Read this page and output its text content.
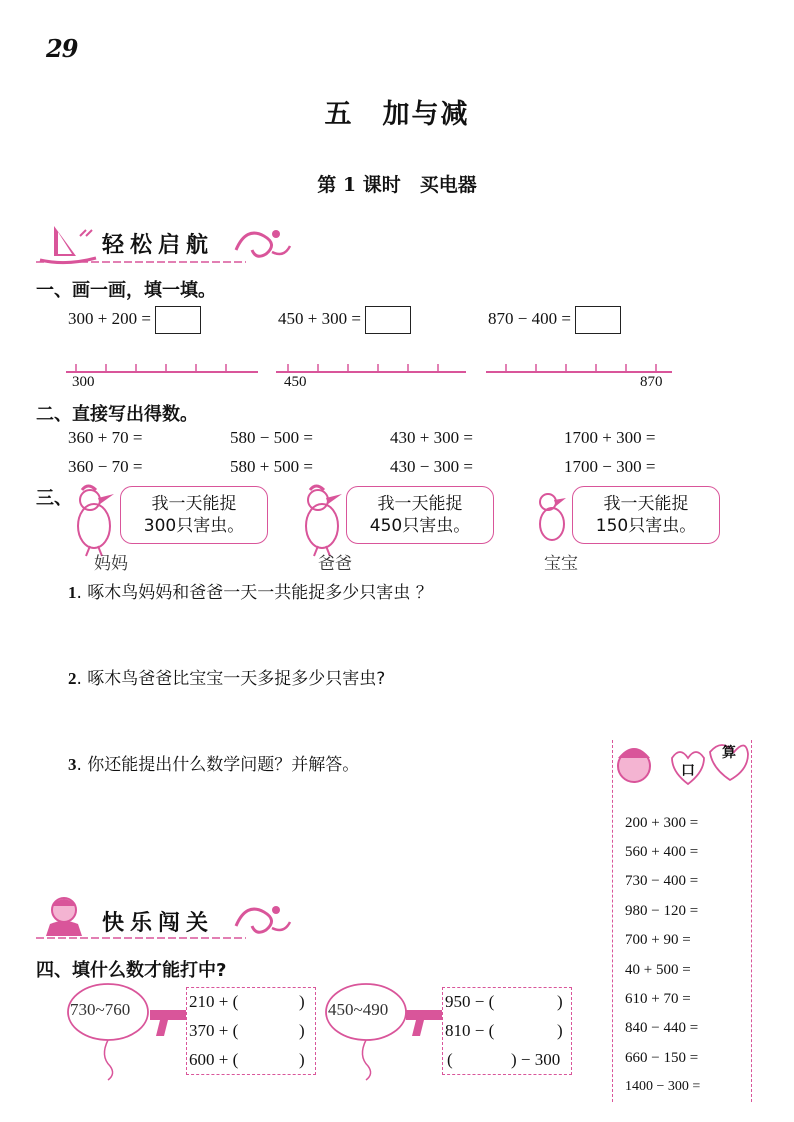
29
五　加与减
第 1 课时　买电器
轻松启航
一、画一画，填一填。
300 + 200 =	450 + 300 =	870 − 400 =
300	450	870
二、直接写出得数。
360 + 70 =	580 − 500 =	430 + 300 =	1700 + 300 =
360 − 70 =	580 + 500 =	430 − 300 =	1700 − 300 =
三、	我一天能捉
300只害虫。
妈妈
我一天能捉
450只害虫。
爸爸
我一天能捉
150只害虫。
宝宝
1. 啄木鸟妈妈和爸爸一天一共能捉多少只害虫 ？
2. 啄木鸟爸爸比宝宝一天多捉多少只害虫?
3. 你还能提出什么数学问题？并解答。	口
算
200 + 300 =
560 + 400 =
730 − 400 =
980 − 120 =
700 + 90 =
40 + 500 =
610 + 70 =
840 − 440 =
660 − 150 =
1400 − 300 =
快乐闯关
四、填什么数才能打中?
730~760	210 + (	)
370 + (	)
600 + (	)
450~490	950 − (	)
810 − (	)
(	) − 300
